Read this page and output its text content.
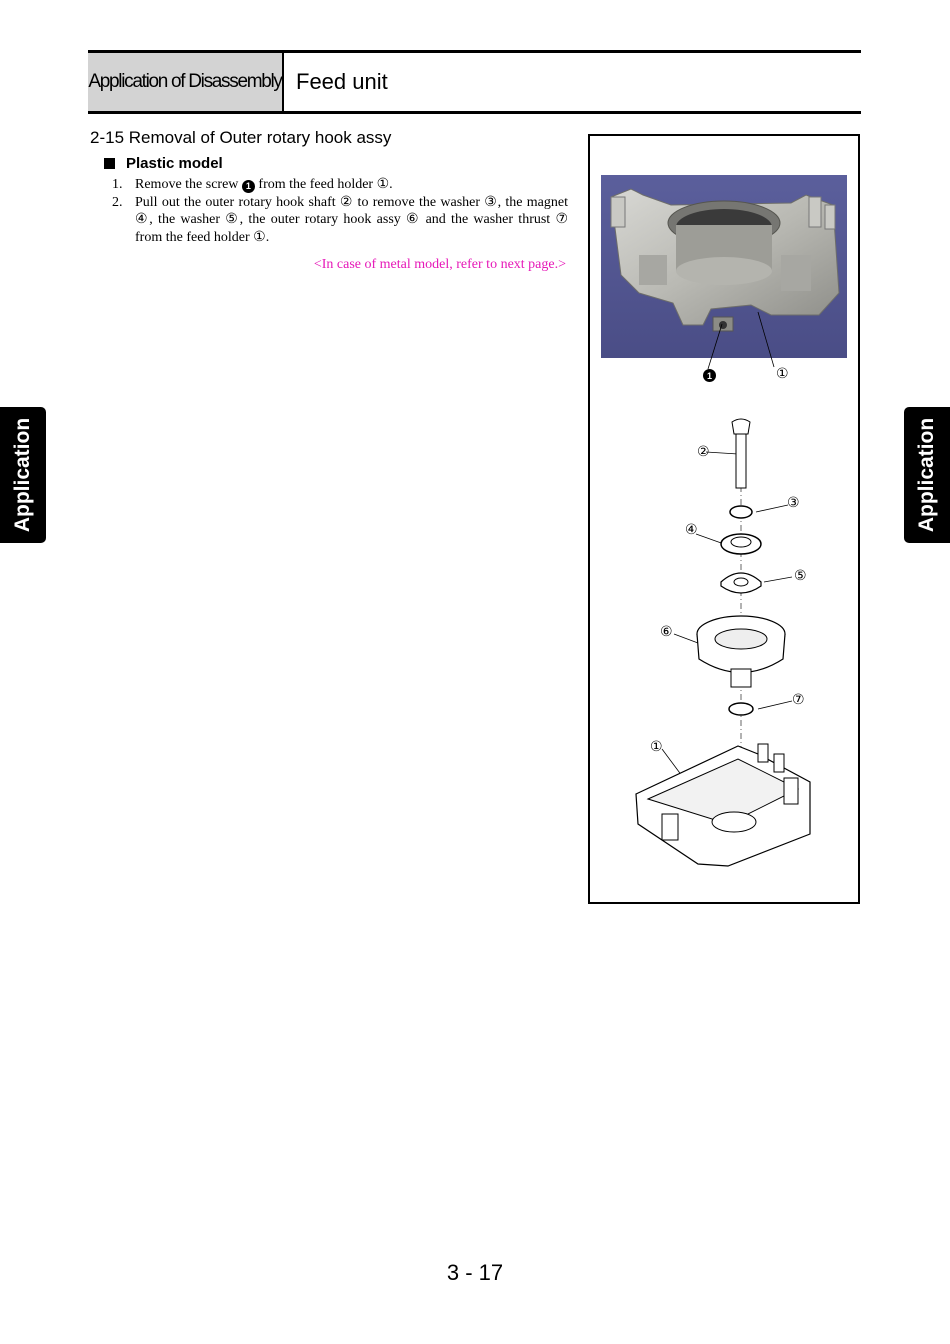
Application of Disassembly Feed unit
2-15 Removal of Outer rotary hook assy
Plastic model
1. Remove the screw 1 from the feed holder ①.
2. Pull out the outer rotary hook shaft ② to remove the washer ③, the magnet ④, the washer ⑤, the outer rotary hook assy ⑥ and the washer thrust ⑦ from the feed holder ①.
<In case of metal model, refer to next page.>
1	①
②
③
④
⑤
⑥
⑦
①
Application	Application
3 - 17
